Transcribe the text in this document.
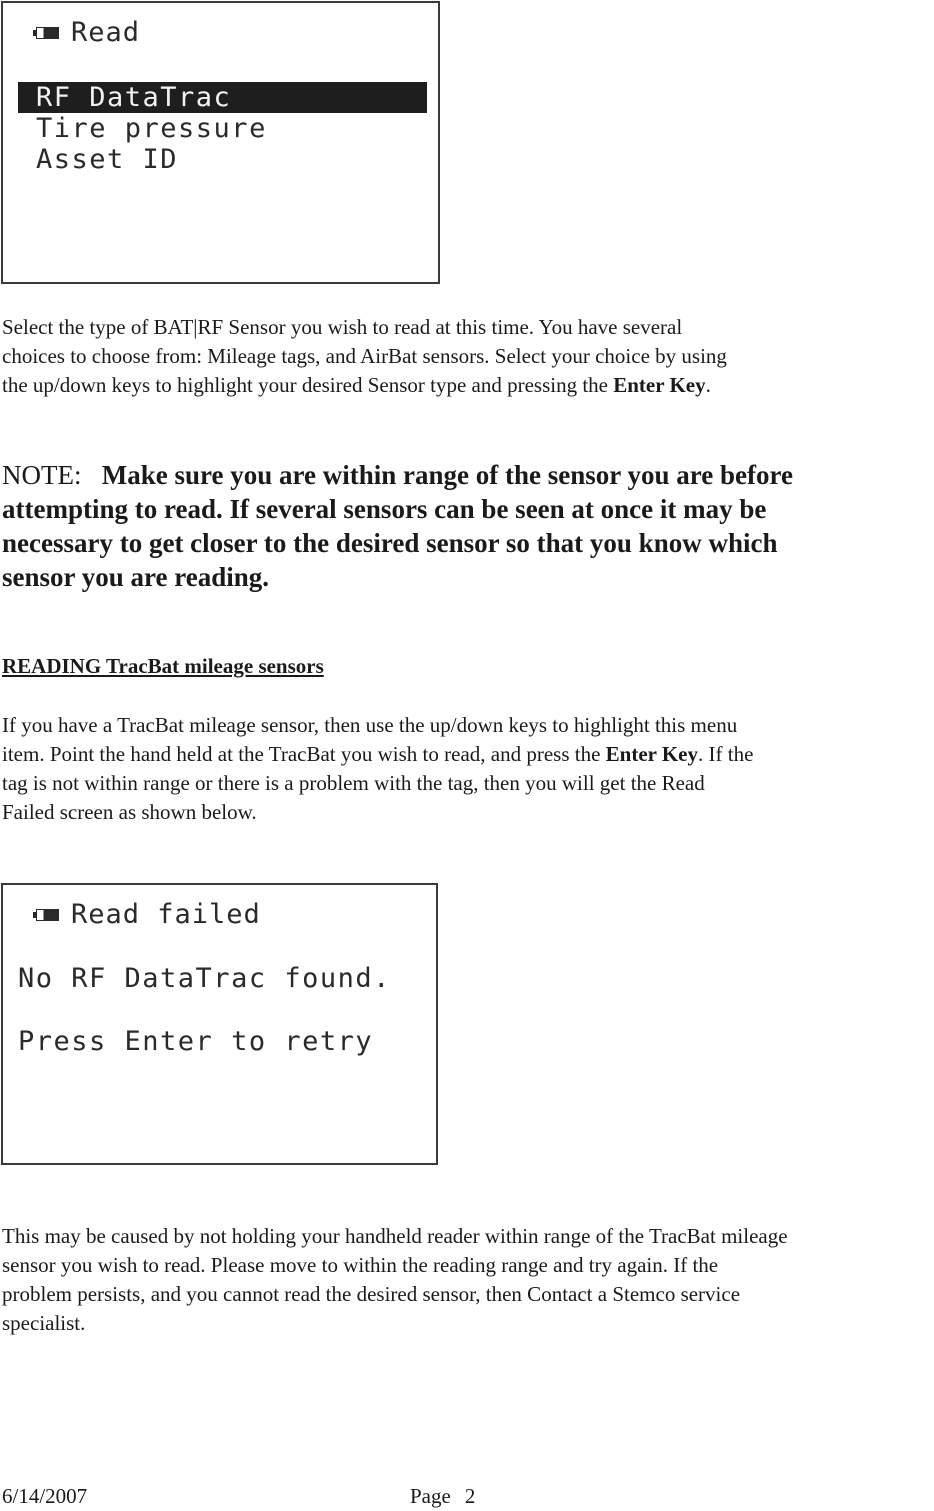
Read
RF DataTrac
Tire pressure
Asset ID

Select the type of BAT|RF Sensor you wish to read at this time. You have several
choices to choose from: Mileage tags, and AirBat sensors. Select your choice by using
the up/down keys to highlight your desired Sensor type and pressing the Enter Key.

NOTE: Make sure you are within range of the sensor you are before
attempting to read. If several sensors can be seen at once it may be
necessary to get closer to the desired sensor so that you know which
sensor you are reading.

READING TracBat mileage sensors

If you have a TracBat mileage sensor, then use the up/down keys to highlight this menu
item. Point the hand held at the TracBat you wish to read, and press the Enter Key. If the
tag is not within range or there is a problem with the tag, then you will get the Read
Failed screen as shown below.

Read failed
No RF DataTrac found.
Press Enter to retry

This may be caused by not holding your handheld reader within range of the TracBat mileage
sensor you wish to read. Please move to within the reading range and try again. If the
problem persists, and you cannot read the desired sensor, then Contact a Stemco service
specialist.

6/14/2007	Page 2
